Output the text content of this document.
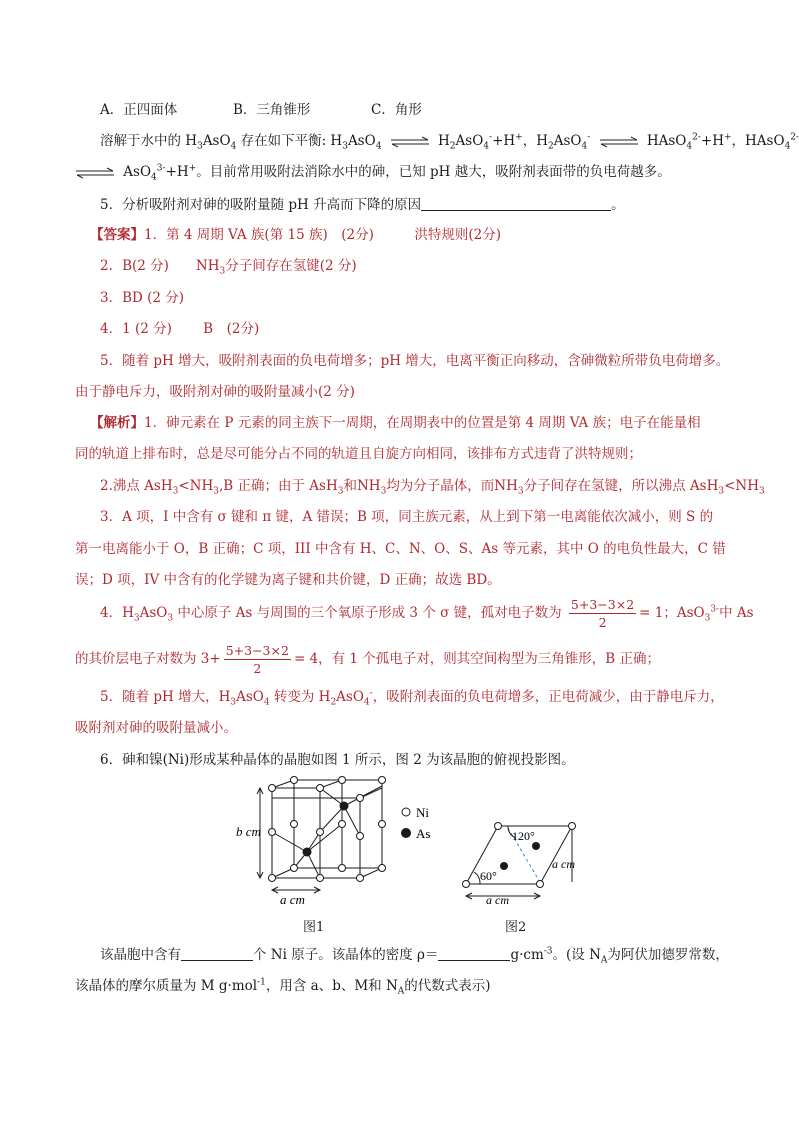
A．正四面体	B．三角锥形	C．角形
溶解于水中的 $H_3AsO_4$ 存在如下平衡: $H_3AsO_4$ ⇌ $H_2AsO_4^-+H^+$，$H_2AsO_4^-$ ⇌ HAsO$_4^{2-}$+H+，HAsO$_4^{2-}$
⇌ AsO$_4^{3-}$+H+。目前常用吸附法消除水中的砷，已知 pH 越大，吸附剂表面带的负电荷越多。
5．分析吸附剂对砷的吸附量随 pH 升高而下降的原因	。
【答案】1．第 4 周期 VA 族(第 15 族)　(2分)　　　洪特规则(2分)
2．B(2 分)　　$NH_3$分子间存在氢键(2 分)
3．BD (2 分)
4．1 (2 分)　　 B　(2分)
5．随着 pH 增大，吸附剂表面的负电荷增多；pH 增大，电离平衡正向移动，含砷微粒所带负电荷增多。
由于静电斥力，吸附剂对砷的吸附量减小(2 分)
【解析】1．砷元素在 P 元素的同主族下一周期，在周期表中的位置是第 4 周期 VA 族；电子在能量相
同的轨道上排布时，总是尽可能分占不同的轨道且自旋方向相同，该排布方式违背了洪特规则；
2.沸点 $AsH_3<NH_3,B$ 正确；由于 AsH$_3$和$NH_3$均为分子晶体，而$NH_3$分子间存在氢键，所以沸点 $AsH_3<NH_3$
3．A 项，I 中含有 σ 键和 π 键，A 错误；B 项，同主族元素，从上到下第一电离能依次减小，则 S 的
第一电离能小于 O，B 正确；C 项，III 中含有 H、C、N、O、S、As 等元素，其中 O 的电负性最大，C 错
误；D 项，IV 中含有的化学键为离子键和共价键，D 正确；故选 BD。
4．$H_3AsO_3$ 中心原子 As 与周围的三个氧原子形成 3 个 σ 键，孤对电子数为 $\frac{5+3-3\times 2}{2} = 1$；AsO$_3^{3-}$中 As
的其价层电子对数为 $3+ \frac{5+3-3\times 2}{2} = 4$，有 1 个孤电子对，则其空间构型为三角锥形，B 正确；
5．随着 pH 增大，$H_3AsO_4$ 转变为 $H_2AsO_4^-$，吸附剂表面的负电荷增多，正电荷减少，由于静电斥力，
吸附剂对砷的吸附量减小。
6．砷和镍(Ni)形成某种晶体的晶胞如图 1 所示，图 2 为该晶胞的俯视投影图。
b cm
a cm
Ni
As	120°
60°
a cm
a cm
图1	图2
该晶胞中含有	个 Ni 原子。该晶体的密度 ρ＝	$g\cdot cm^{-3}$。(设 $N_A$为阿伏加德罗常数，
该晶体的摩尔质量为 M g·mol$^{-1}$，用含 a、b、M和 $N_A$的代数式表示)
